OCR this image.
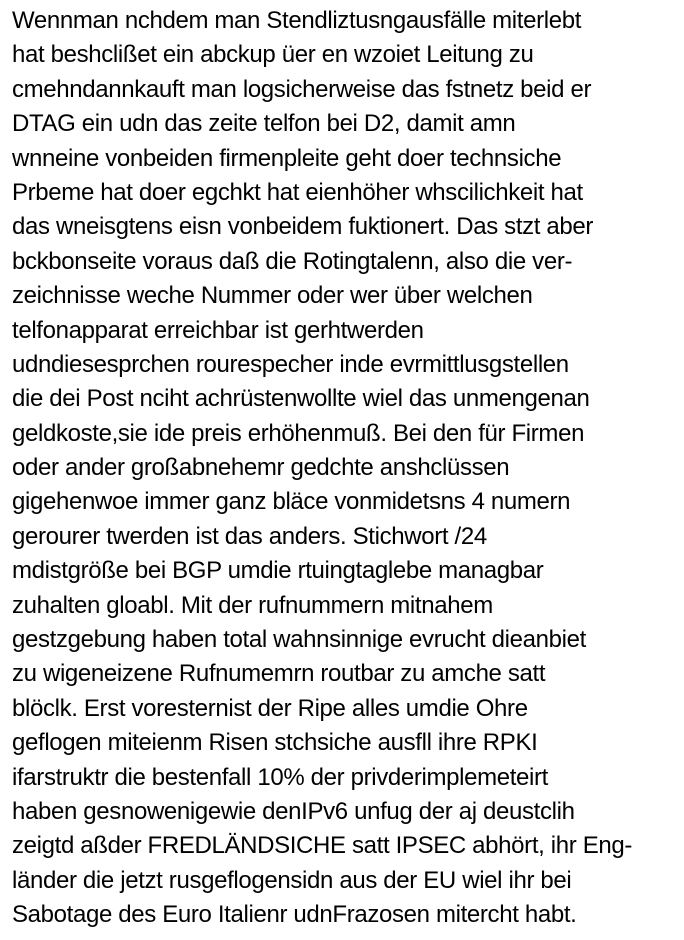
Wennman nchdem man Stendliztusngausfälle miterlebt
hat beshclißet ein abckup üer en wzoiet Leitung zu
cmehndannkauft man logsicherweise das fstnetz beid er
DTAG ein udn das zeite telfon bei D2, damit amn
wnneine vonbeiden firmenpleite geht doer technsiche
Prbeme hat doer egchkt hat eienhöher whscilichkeit hat
das wneisgtens eisn vonbeidem fuktionert. Das stzt aber
bckbonseite voraus daß die Rotingtalenn, also die ver-
zeichnisse weche Nummer oder wer über welchen
telfonapparat erreichbar ist gerhtwerden
udndiesesprchen rourespecher inde evrmittlusgstellen
die dei Post nciht achrüstenwollte wiel das unmengenan
geldkoste,sie ide preis erhöhenmuß. Bei den für Firmen
oder ander großabnehemr gedchte anshclüssen
gigehenwoe immer ganz bläce vonmidetsns 4 numern
gerourer twerden ist das anders. Stichwort /24
mdistgröße bei BGP umdie rtuingtaglebe managbar
zuhalten gloabl. Mit der rufnummern mitnahem
gestzgebung haben total wahnsinnige evrucht dieanbiet
zu wigeneizene Rufnumemrn routbar zu amche satt
blöclk. Erst voresternist der Ripe alles umdie Ohre
geflogen miteienm Risen stchsiche ausfll ihre RPKI
ifarstruktr die bestenfall 10% der privderimplemeteirt
haben gesnowenigewie denIPv6 unfug der aj deustclih
zeigtd aßder FREDLÄNDSICHE satt IPSEC abhört, ihr Eng-
länder die jetzt rusgeflogensidn aus der EU wiel ihr bei
Sabotage des Euro Italienr udnFrazosen mitercht habt.
